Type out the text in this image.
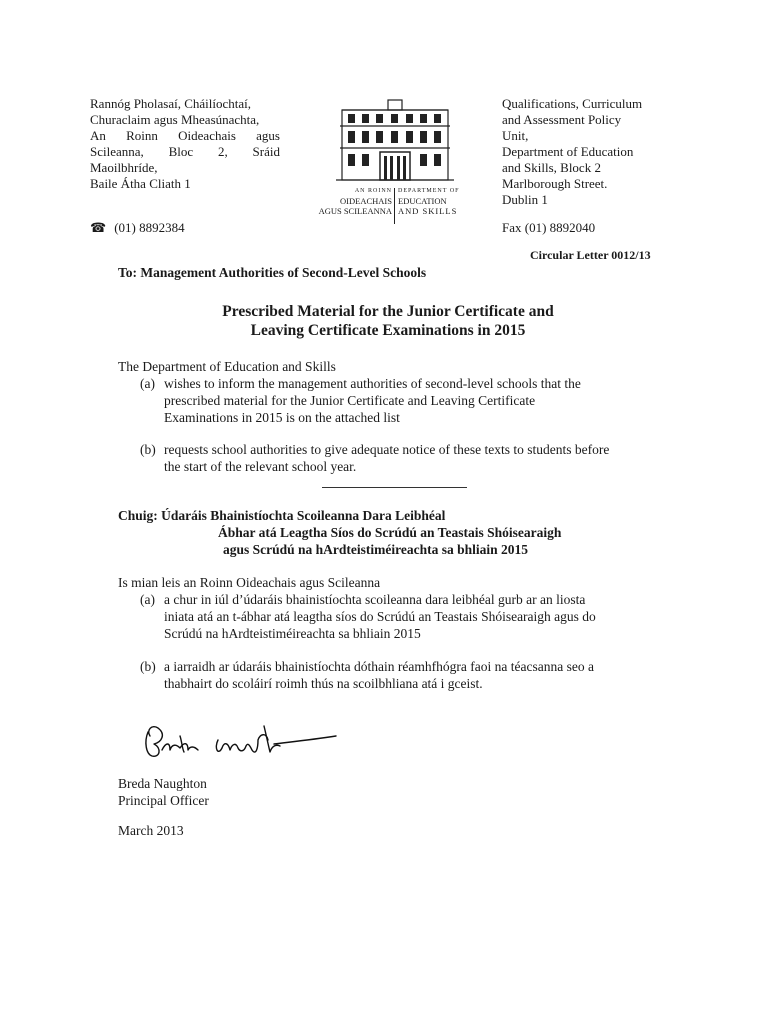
Rannóg Pholasaí, Cháilíochtaí,
Churaclaim agus Mheasúnachta,
An Roinn Oideachais agus
Scileanna, Bloc 2, Sráid
Maoilbhríde,
Baile Átha Cliath 1	AN ROINN
OIDEACHAIS
AGUS SCILEANNA
DEPARTMENT OF
EDUCATION
AND SKILLS
Qualifications, Curriculum
and Assessment Policy
Unit,
Department of Education
and Skills, Block 2
Marlborough Street.
Dublin 1
☎ (01) 8892384	Fax (01) 8892040
Circular Letter 0012/13
To: Management Authorities of Second-Level Schools
Prescribed Material for the Junior Certificate and
Leaving Certificate Examinations in 2015
The Department of Education and Skills
(a) wishes to inform the management authorities of second-level schools that the
prescribed material for the Junior Certificate and Leaving Certificate
Examinations in 2015 is on the attached list
(b) requests school authorities to give adequate notice of these texts to students before
the start of the relevant school year.
Chuig: Údaráis Bhainistíochta Scoileanna Dara Leibhéal
Ábhar atá Leagtha Síos do Scrúdú an Teastais Shóisearaigh
agus Scrúdú na hArdteistiméireachta sa bhliain 2015
Is mian leis an Roinn Oideachais agus Scileanna
(a) a chur in iúl d’údaráis bhainistíochta scoileanna dara leibhéal gurb ar an liosta
iniata atá an t-ábhar atá leagtha síos do Scrúdú an Teastais Shóisearaigh agus do
Scrúdú na hArdteistiméireachta sa bhliain 2015
(b) a iarraidh ar údaráis bhainistíochta dóthain réamhfhógra faoi na téacsanna seo a
thabhairt do scoláirí roimh thús na scoilbhliana atá i gceist.
Breda Naughton
Principal Officer
March 2013
